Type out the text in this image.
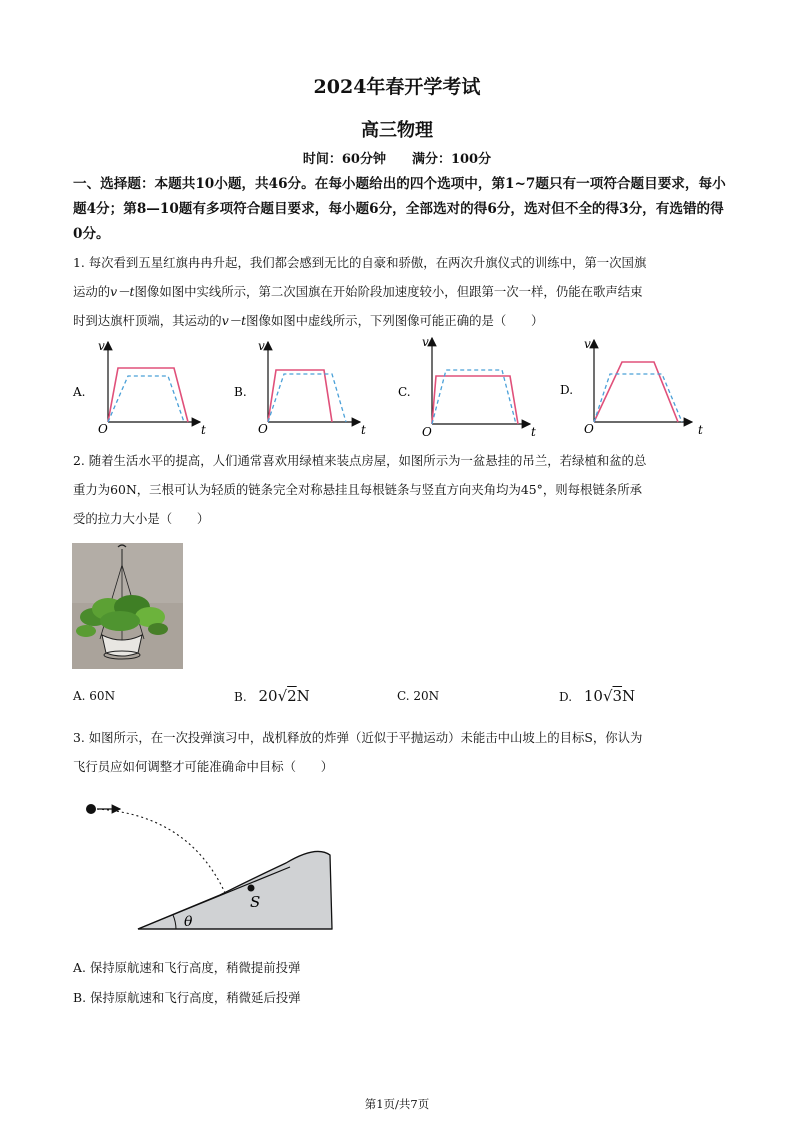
2024年春开学考试
高三物理
时间：60分钟　　满分：100分
一、选择题：本题共10小题，共46分。在每小题给出的四个选项中，第1~7题只有一项符合题目要求，每小题4分；第8—10题有多项符合题目要求，每小题6分，全部选对的得6分，选对但不全的得3分，有选错的得0分。
1. 每次看到五星红旗冉冉升起，我们都会感到无比的自豪和骄傲，在两次升旗仪式的训练中，第一次国旗
运动的v－t图像如图中实线所示，第二次国旗在开始阶段加速度较小，但跟第一次一样，仍能在歌声结束
时到达旗杆顶端，其运动的v－t图像如图中虚线所示，下列图像可能正确的是（　　）
A.
v
t
O
B.
v
t
O
C.
v
t
O
D.
v
t
O
2. 随着生活水平的提高，人们通常喜欢用绿植来装点房屋，如图所示为一盆悬挂的吊兰，若绿植和盆的总
重力为60N，三根可认为轻质的链条完全对称悬挂且每根链条与竖直方向夹角均为45°，则每根链条所承
受的拉力大小是（　　）
A. 60N	B. 20√2N	C. 20N	D. 10√3N
3. 如图所示，在一次投弹演习中，战机释放的炸弹（近似于平抛运动）未能击中山坡上的目标S，你认为
飞行员应如何调整才可能准确命中目标（　　）
θ
S
A. 保持原航速和飞行高度，稍微提前投弹
B. 保持原航速和飞行高度，稍微延后投弹
第1页/共7页
